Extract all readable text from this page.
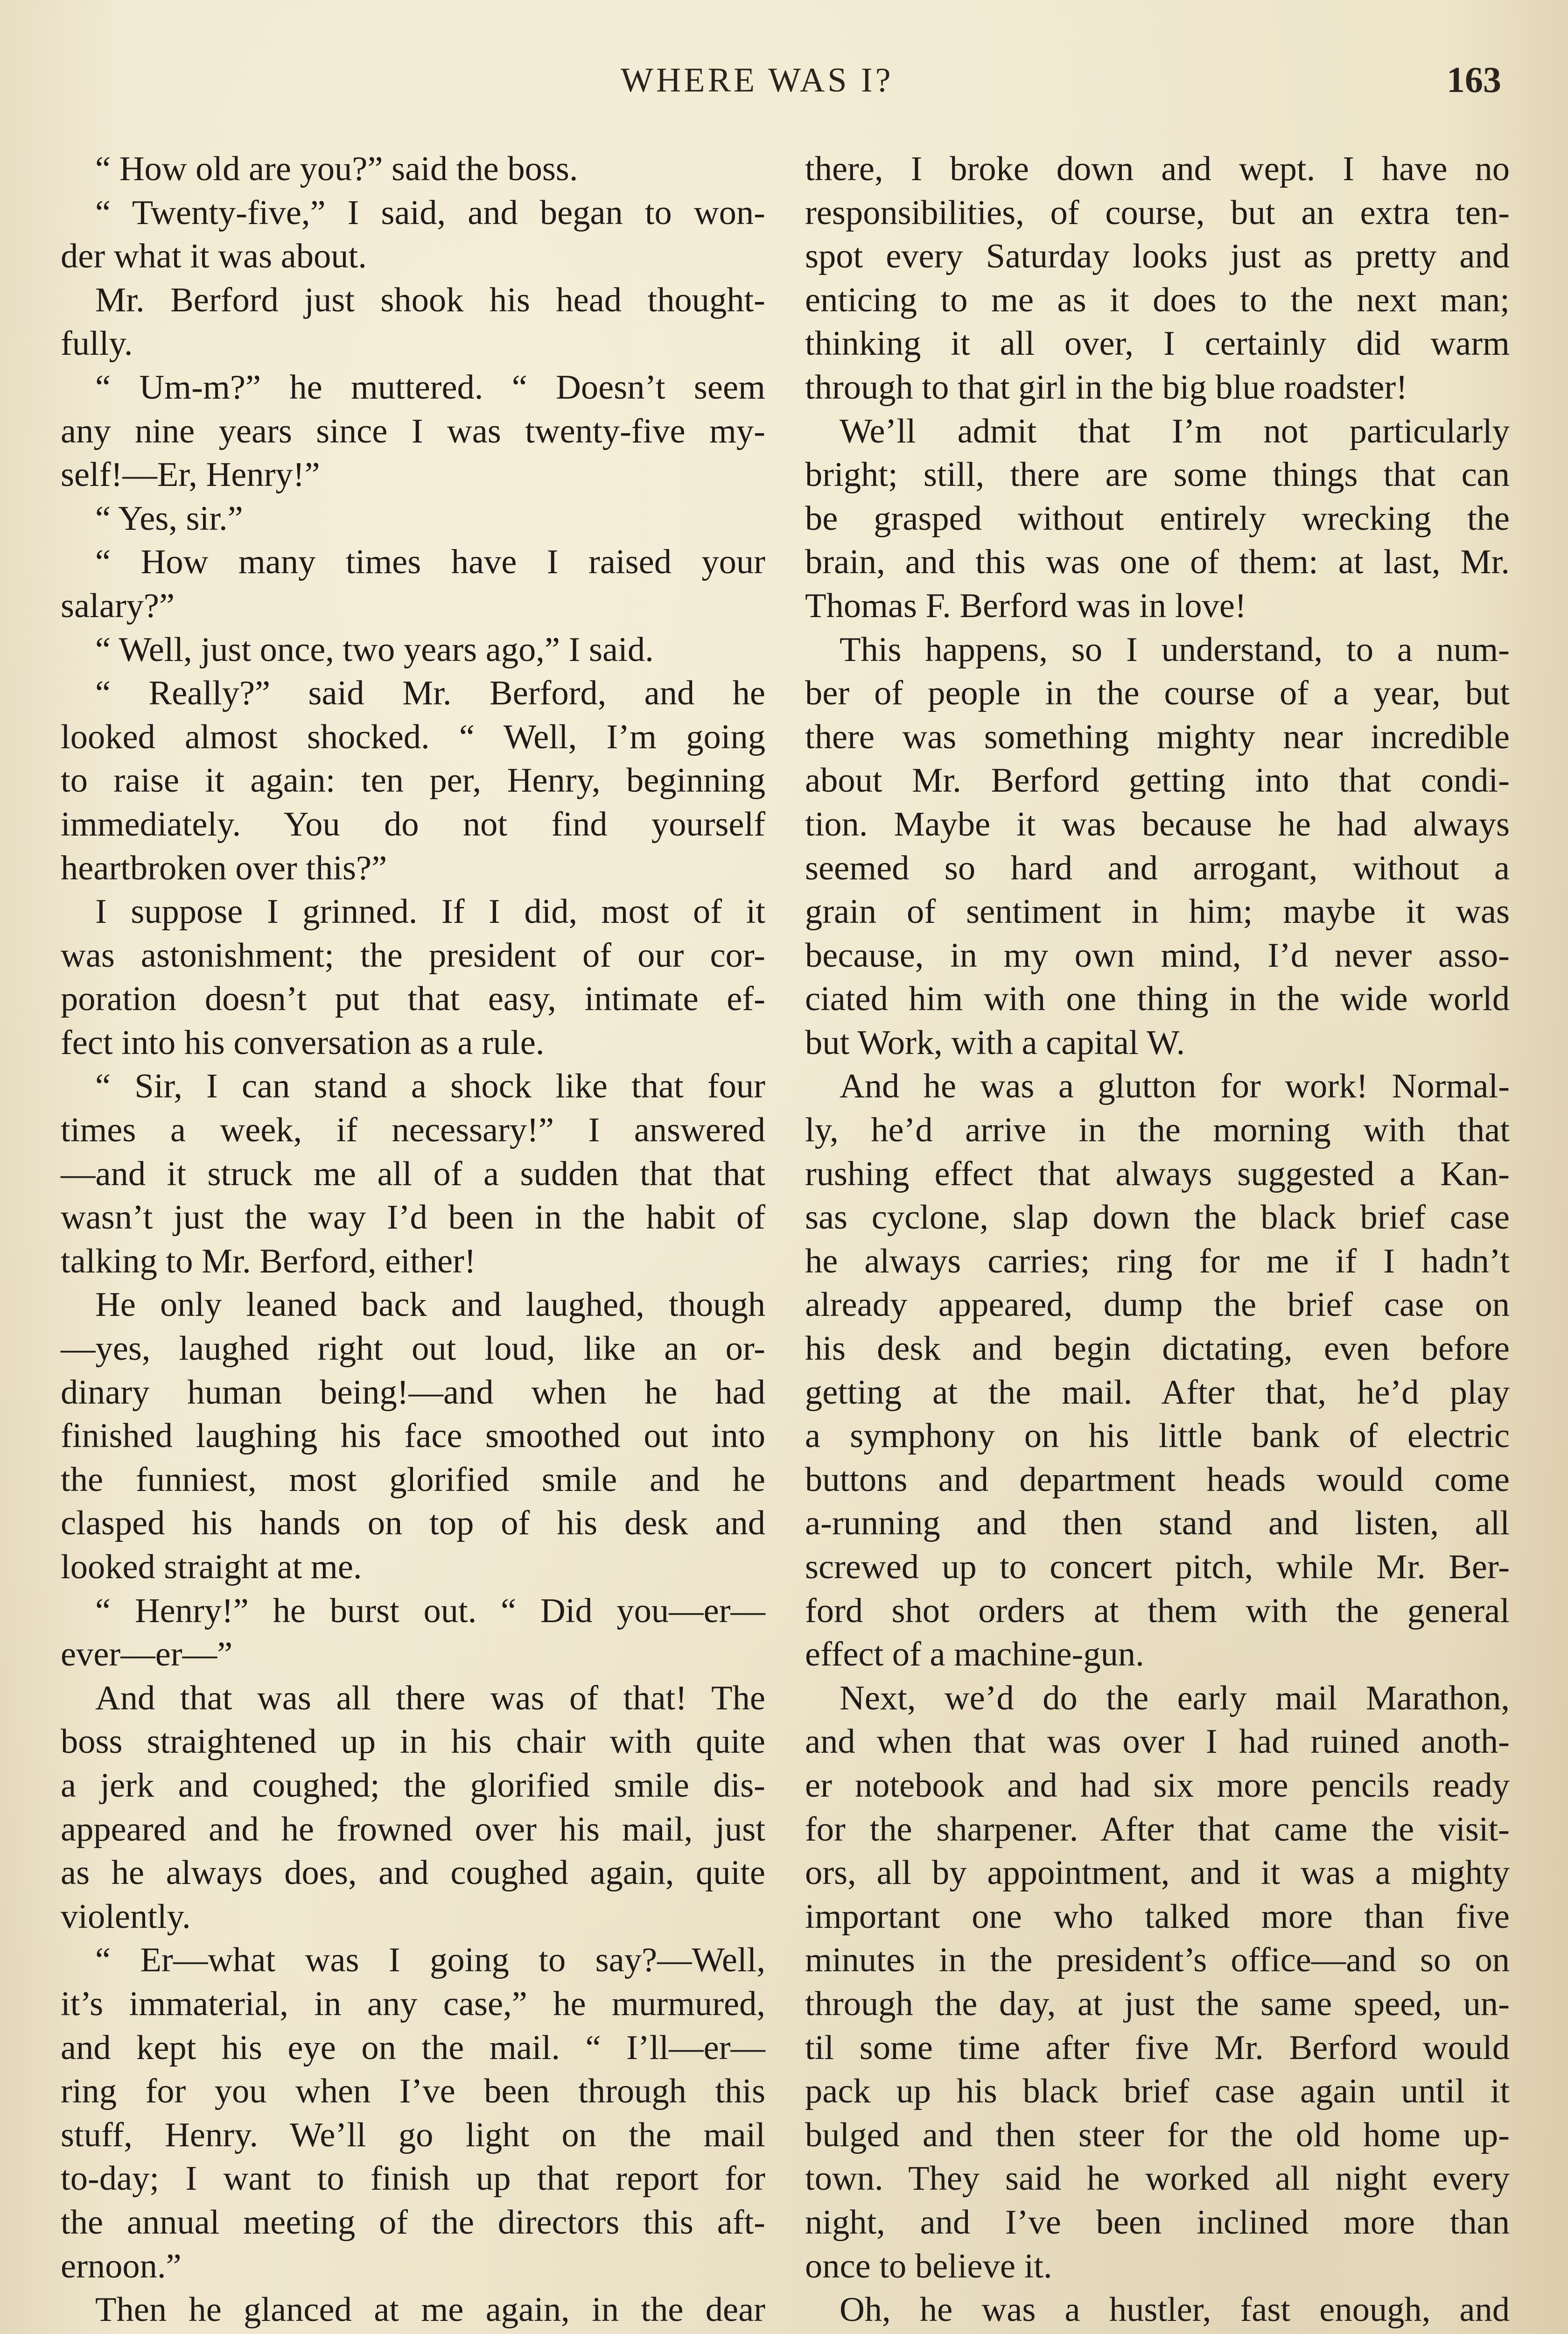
WHERE WAS I?	163
“ How old are you?” said the boss.
“ Twenty-five,” I said, and began to won-
der what it was about.
Mr. Berford just shook his head thought-
fully.
“ Um-m?” he muttered. “ Doesn’t seem
any nine years since I was twenty-five my-
self!—Er, Henry!”
“ Yes, sir.”
“ How many times have I raised your
salary?”
“ Well, just once, two years ago,” I said.
“ Really?” said Mr. Berford, and he
looked almost shocked. “ Well, I’m going
to raise it again: ten per, Henry, beginning
immediately. You do not find yourself
heartbroken over this?”
I suppose I grinned. If I did, most of it
was astonishment; the president of our cor-
poration doesn’t put that easy, intimate ef-
fect into his conversation as a rule.
“ Sir, I can stand a shock like that four
times a week, if necessary!” I answered
—and it struck me all of a sudden that that
wasn’t just the way I’d been in the habit of
talking to Mr. Berford, either!
He only leaned back and laughed, though
—yes, laughed right out loud, like an or-
dinary human being!—and when he had
finished laughing his face smoothed out into
the funniest, most glorified smile and he
clasped his hands on top of his desk and
looked straight at me.
“ Henry!” he burst out. “ Did you—er—
ever—er—”
And that was all there was of that! The
boss straightened up in his chair with quite
a jerk and coughed; the glorified smile dis-
appeared and he frowned over his mail, just
as he always does, and coughed again, quite
violently.
“ Er—what was I going to say?—Well,
it’s immaterial, in any case,” he murmured,
and kept his eye on the mail. “ I’ll—er—
ring for you when I’ve been through this
stuff, Henry. We’ll go light on the mail
to-day; I want to finish up that report for
the annual meeting of the directors this aft-
ernoon.”
Then he glanced at me again, in the dear
there, I broke down and wept. I have no
responsibilities, of course, but an extra ten-
spot every Saturday looks just as pretty and
enticing to me as it does to the next man;
thinking it all over, I certainly did warm
through to that girl in the big blue roadster!
We’ll admit that I’m not particularly
bright; still, there are some things that can
be grasped without entirely wrecking the
brain, and this was one of them: at last, Mr.
Thomas F. Berford was in love!
This happens, so I understand, to a num-
ber of people in the course of a year, but
there was something mighty near incredible
about Mr. Berford getting into that condi-
tion. Maybe it was because he had always
seemed so hard and arrogant, without a
grain of sentiment in him; maybe it was
because, in my own mind, I’d never asso-
ciated him with one thing in the wide world
but Work, with a capital W.
And he was a glutton for work! Normal-
ly, he’d arrive in the morning with that
rushing effect that always suggested a Kan-
sas cyclone, slap down the black brief case
he always carries; ring for me if I hadn’t
already appeared, dump the brief case on
his desk and begin dictating, even before
getting at the mail. After that, he’d play
a symphony on his little bank of electric
buttons and department heads would come
a-running and then stand and listen, all
screwed up to concert pitch, while Mr. Ber-
ford shot orders at them with the general
effect of a machine-gun.
Next, we’d do the early mail Marathon,
and when that was over I had ruined anoth-
er notebook and had six more pencils ready
for the sharpener. After that came the visit-
ors, all by appointment, and it was a mighty
important one who talked more than five
minutes in the president’s office—and so on
through the day, at just the same speed, un-
til some time after five Mr. Berford would
pack up his black brief case again until it
bulged and then steer for the old home up-
town. They said he worked all night every
night, and I’ve been inclined more than
once to believe it.
Oh, he was a hustler, fast enough, and
